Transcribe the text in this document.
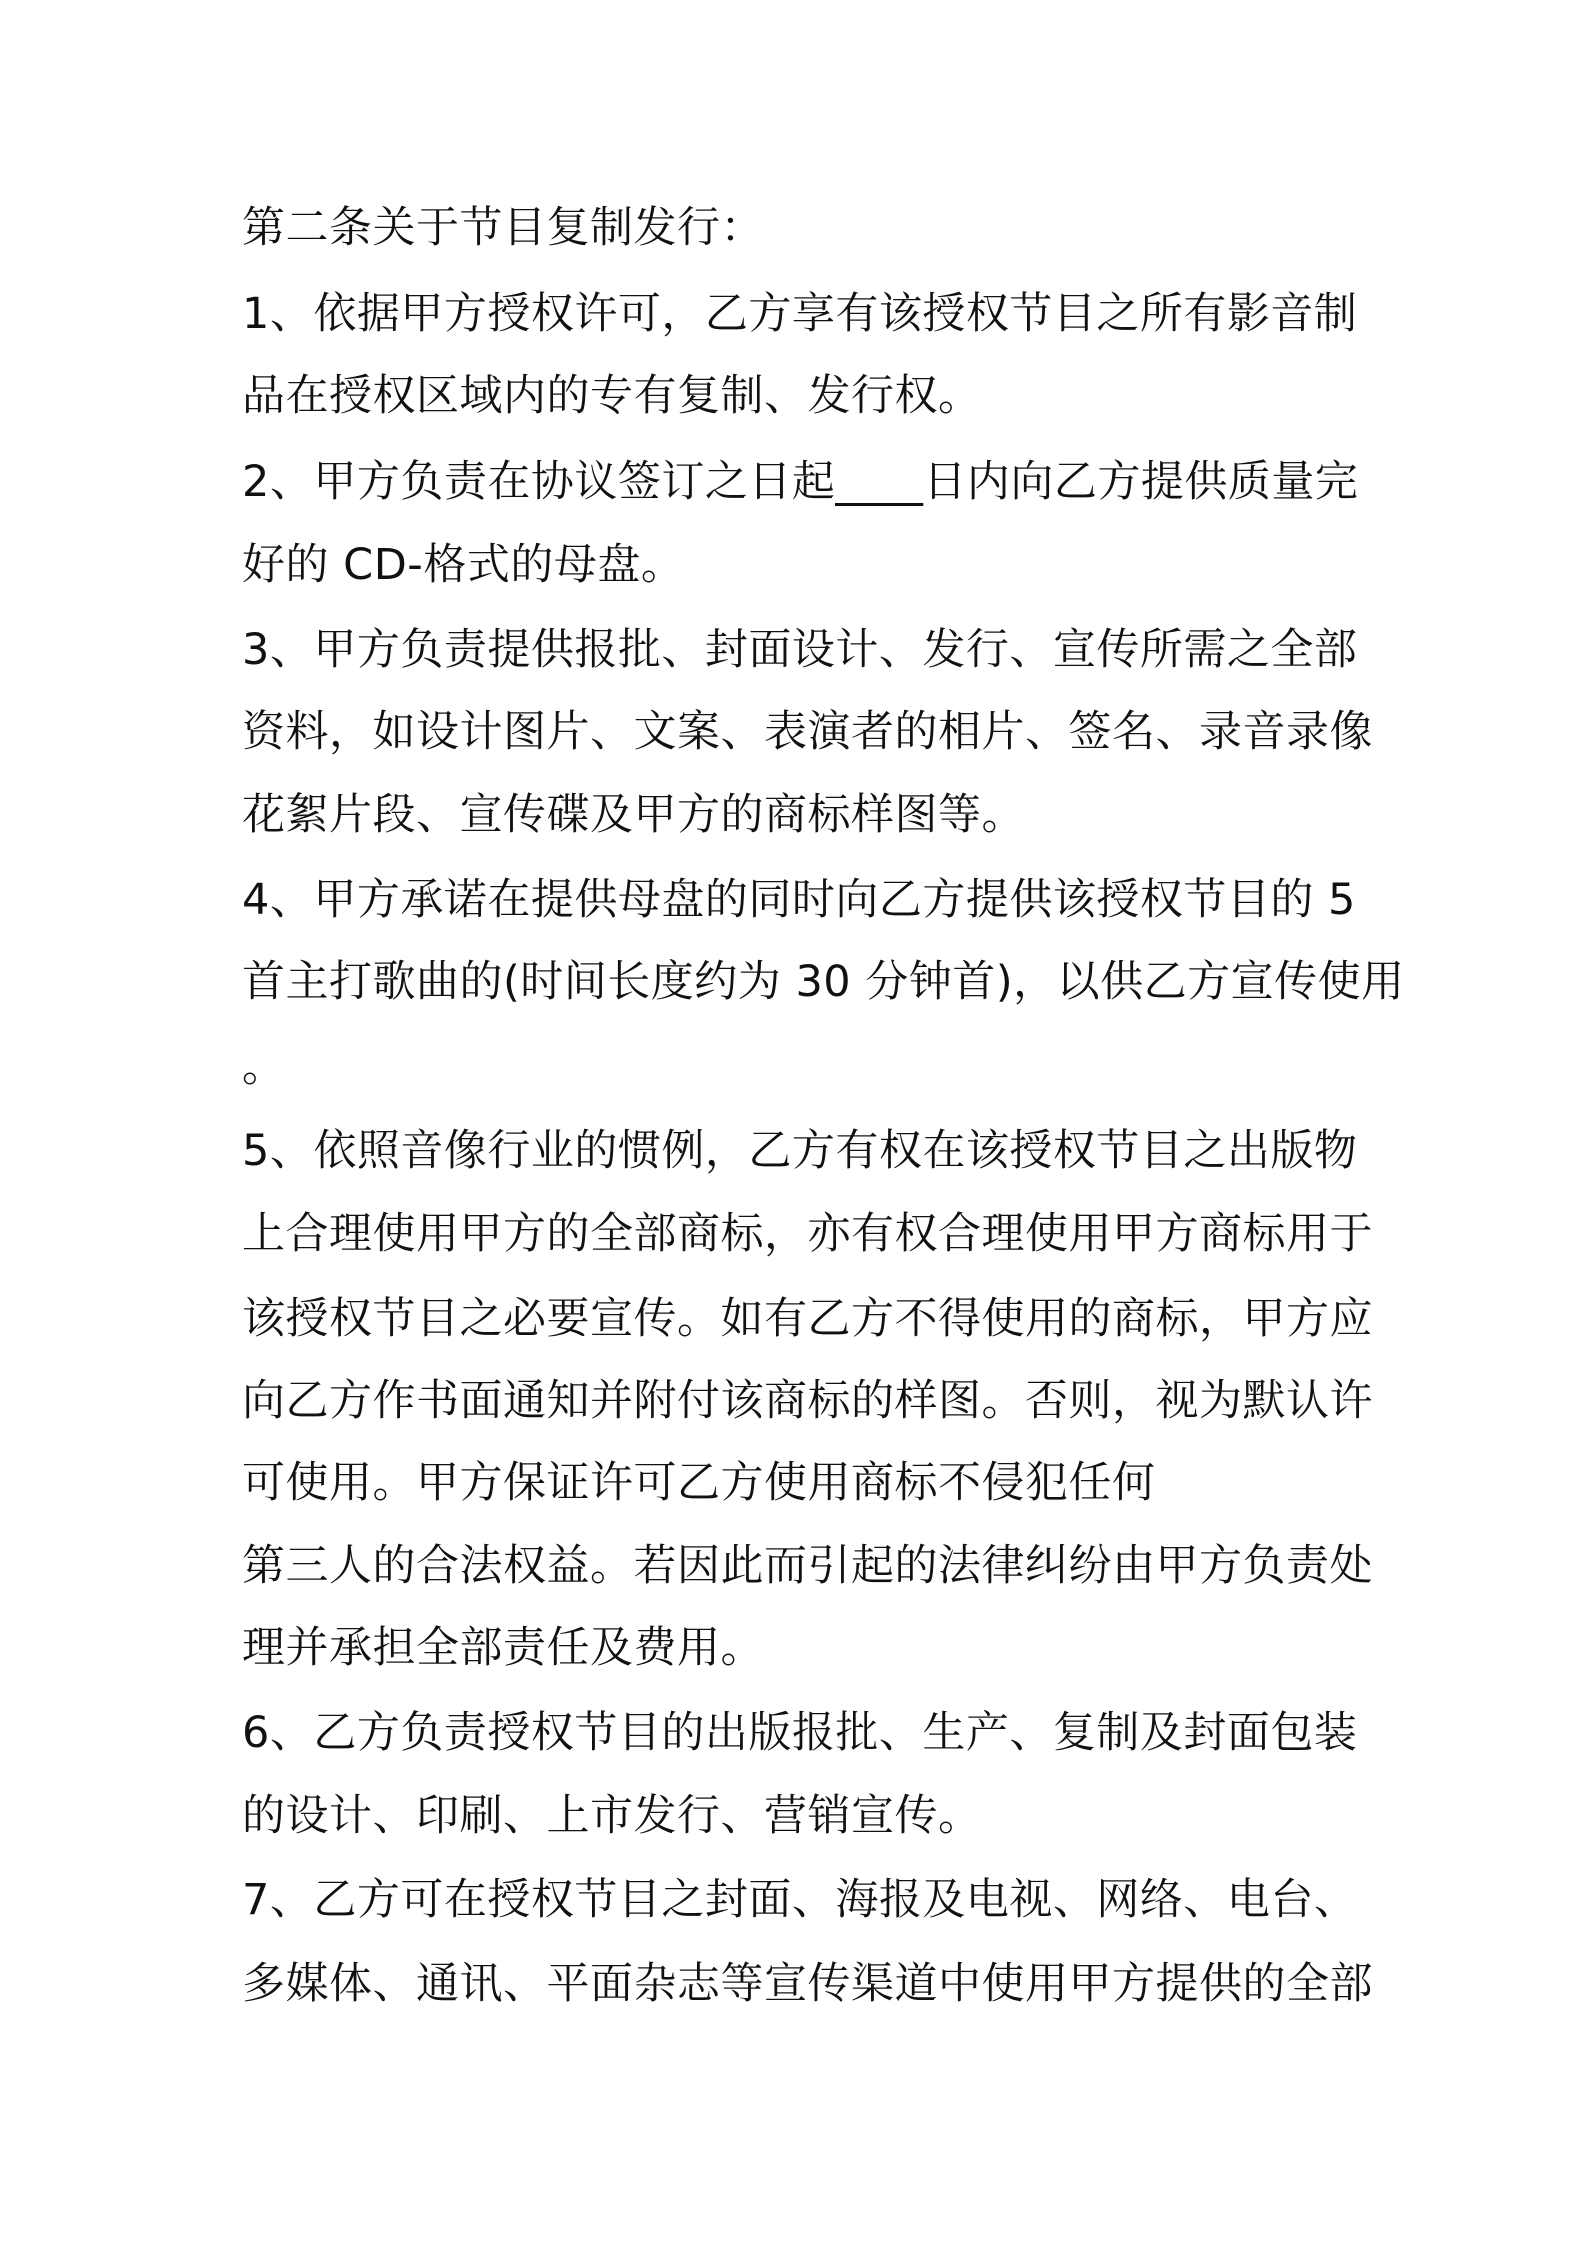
第二条关于节目复制发行：
1、依据甲方授权许可，乙方享有该授权节目之所有影音制
品在授权区域内的专有复制、发行权。
2、甲方负责在协议签订之日起____日内向乙方提供质量完
好的 CD-格式的母盘。
3、甲方负责提供报批、封面设计、发行、宣传所需之全部
资料，如设计图片、文案、表演者的相片、签名、录音录像
花絮片段、宣传碟及甲方的商标样图等。
4、甲方承诺在提供母盘的同时向乙方提供该授权节目的 5
首主打歌曲的(时间长度约为 30 分钟首)，以供乙方宣传使用
。
5、依照音像行业的惯例，乙方有权在该授权节目之出版物
上合理使用甲方的全部商标，亦有权合理使用甲方商标用于
该授权节目之必要宣传。如有乙方不得使用的商标，甲方应
向乙方作书面通知并附付该商标的样图。否则，视为默认许
可使用。甲方保证许可乙方使用商标不侵犯任何
第三人的合法权益。若因此而引起的法律纠纷由甲方负责处
理并承担全部责任及费用。
6、乙方负责授权节目的出版报批、生产、复制及封面包装
的设计、印刷、上市发行、营销宣传。
7、乙方可在授权节目之封面、海报及电视、网络、电台、
多媒体、通讯、平面杂志等宣传渠道中使用甲方提供的全部
